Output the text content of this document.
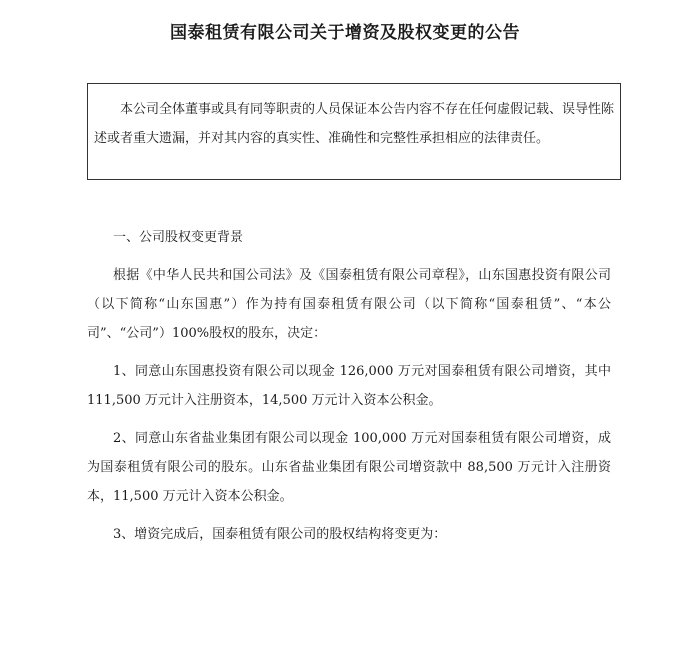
国泰租赁有限公司关于增资及股权变更的公告
本公司全体董事或具有同等职责的人员保证本公告内容不存在任何虚假记载、误导性陈述或者重大遗漏，并对其内容的真实性、准确性和完整性承担相应的法律责任。

一、公司股权变更背景

根据《中华人民共和国公司法》及《国泰租赁有限公司章程》，山东国惠投资有限公司（以下简称“山东国惠”）作为持有国泰租赁有限公司（以下简称“国泰租赁”、“本公司”、“公司”）100%股权的股东，决定：

1、同意山东国惠投资有限公司以现金 126,000 万元对国泰租赁有限公司增资，其中 111,500 万元计入注册资本，14,500 万元计入资本公积金。

2、同意山东省盐业集团有限公司以现金 100,000 万元对国泰租赁有限公司增资，成为国泰租赁有限公司的股东。山东省盐业集团有限公司增资款中 88,500 万元计入注册资本，11,500 万元计入资本公积金。

3、增资完成后，国泰租赁有限公司的股权结构将变更为：
